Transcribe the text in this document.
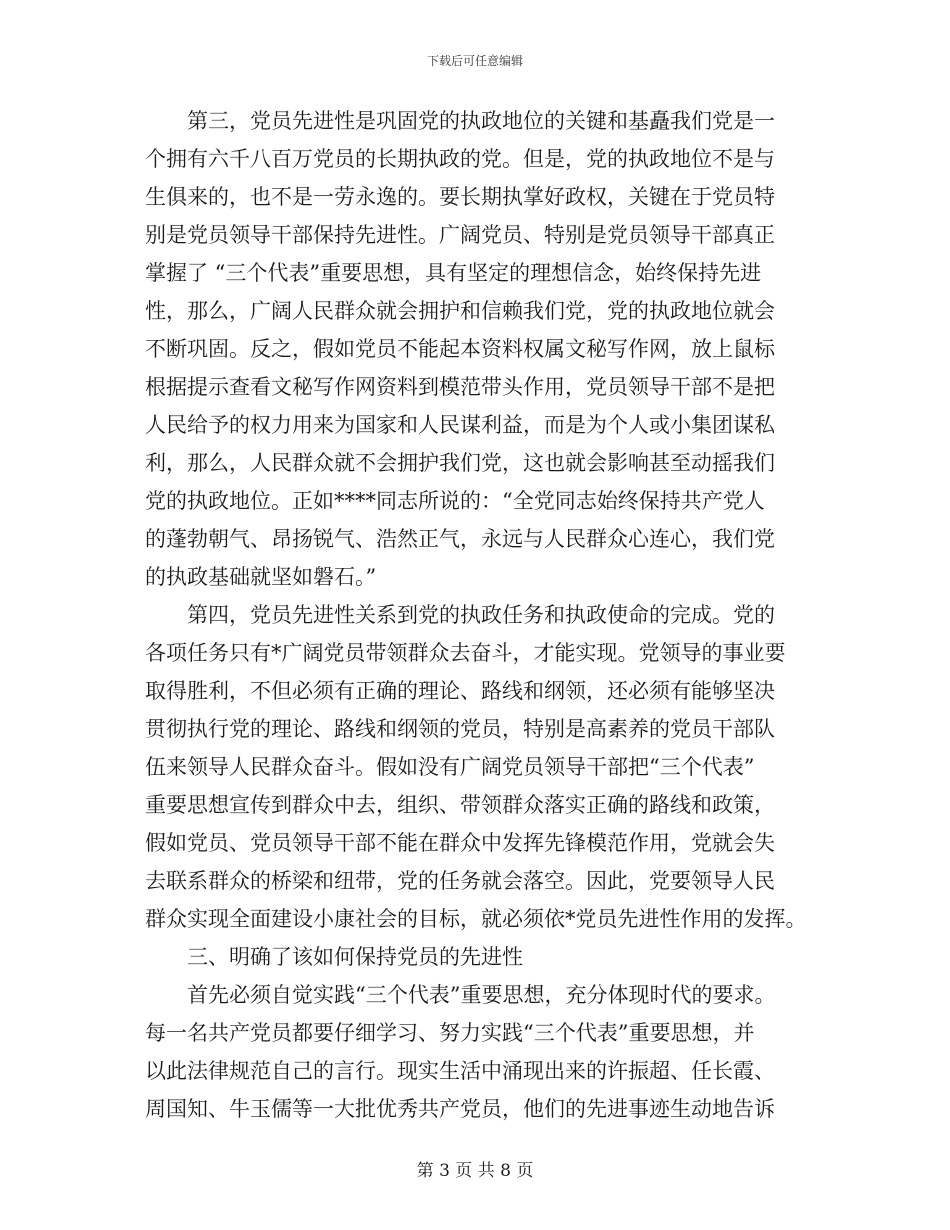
下载后可任意编辑
　　第三，党员先进性是巩固党的执政地位的关键和基矗我们党是一
个拥有六千八百万党员的长期执政的党。但是，党的执政地位不是与
生俱来的，也不是一劳永逸的。要长期执掌好政权，关键在于党员特
别是党员领导干部保持先进性。广阔党员、特别是党员领导干部真正
掌握了 “三个代表”重要思想，具有坚定的理想信念，始终保持先进
性，那么，广阔人民群众就会拥护和信赖我们党，党的执政地位就会
不断巩固。反之，假如党员不能起本资料权属文秘写作网，放上鼠标
根据提示查看文秘写作网资料到模范带头作用，党员领导干部不是把
人民给予的权力用来为国家和人民谋利益，而是为个人或小集团谋私
利，那么，人民群众就不会拥护我们党，这也就会影响甚至动摇我们
党的执政地位。正如****同志所说的：“全党同志始终保持共产党人
的蓬勃朝气、昂扬锐气、浩然正气，永远与人民群众心连心，我们党
的执政基础就坚如磐石。”
　　第四，党员先进性关系到党的执政任务和执政使命的完成。党的
各项任务只有*广阔党员带领群众去奋斗，才能实现。党领导的事业要
取得胜利，不但必须有正确的理论、路线和纲领，还必须有能够坚决
贯彻执行党的理论、路线和纲领的党员，特别是高素养的党员干部队
伍来领导人民群众奋斗。假如没有广阔党员领导干部把“三个代表”
重要思想宣传到群众中去，组织、带领群众落实正确的路线和政策，
假如党员、党员领导干部不能在群众中发挥先锋模范作用，党就会失
去联系群众的桥梁和纽带，党的任务就会落空。因此，党要领导人民
群众实现全面建设小康社会的目标，就必须依*党员先进性作用的发挥。
　　三、明确了该如何保持党员的先进性
　　首先必须自觉实践“三个代表”重要思想，充分体现时代的要求。
每一名共产党员都要仔细学习、努力实践“三个代表”重要思想，并
以此法律规范自己的言行。现实生活中涌现出来的许振超、任长霞、
周国知、牛玉儒等一大批优秀共产党员，他们的先进事迹生动地告诉
第 3 页 共 8 页
